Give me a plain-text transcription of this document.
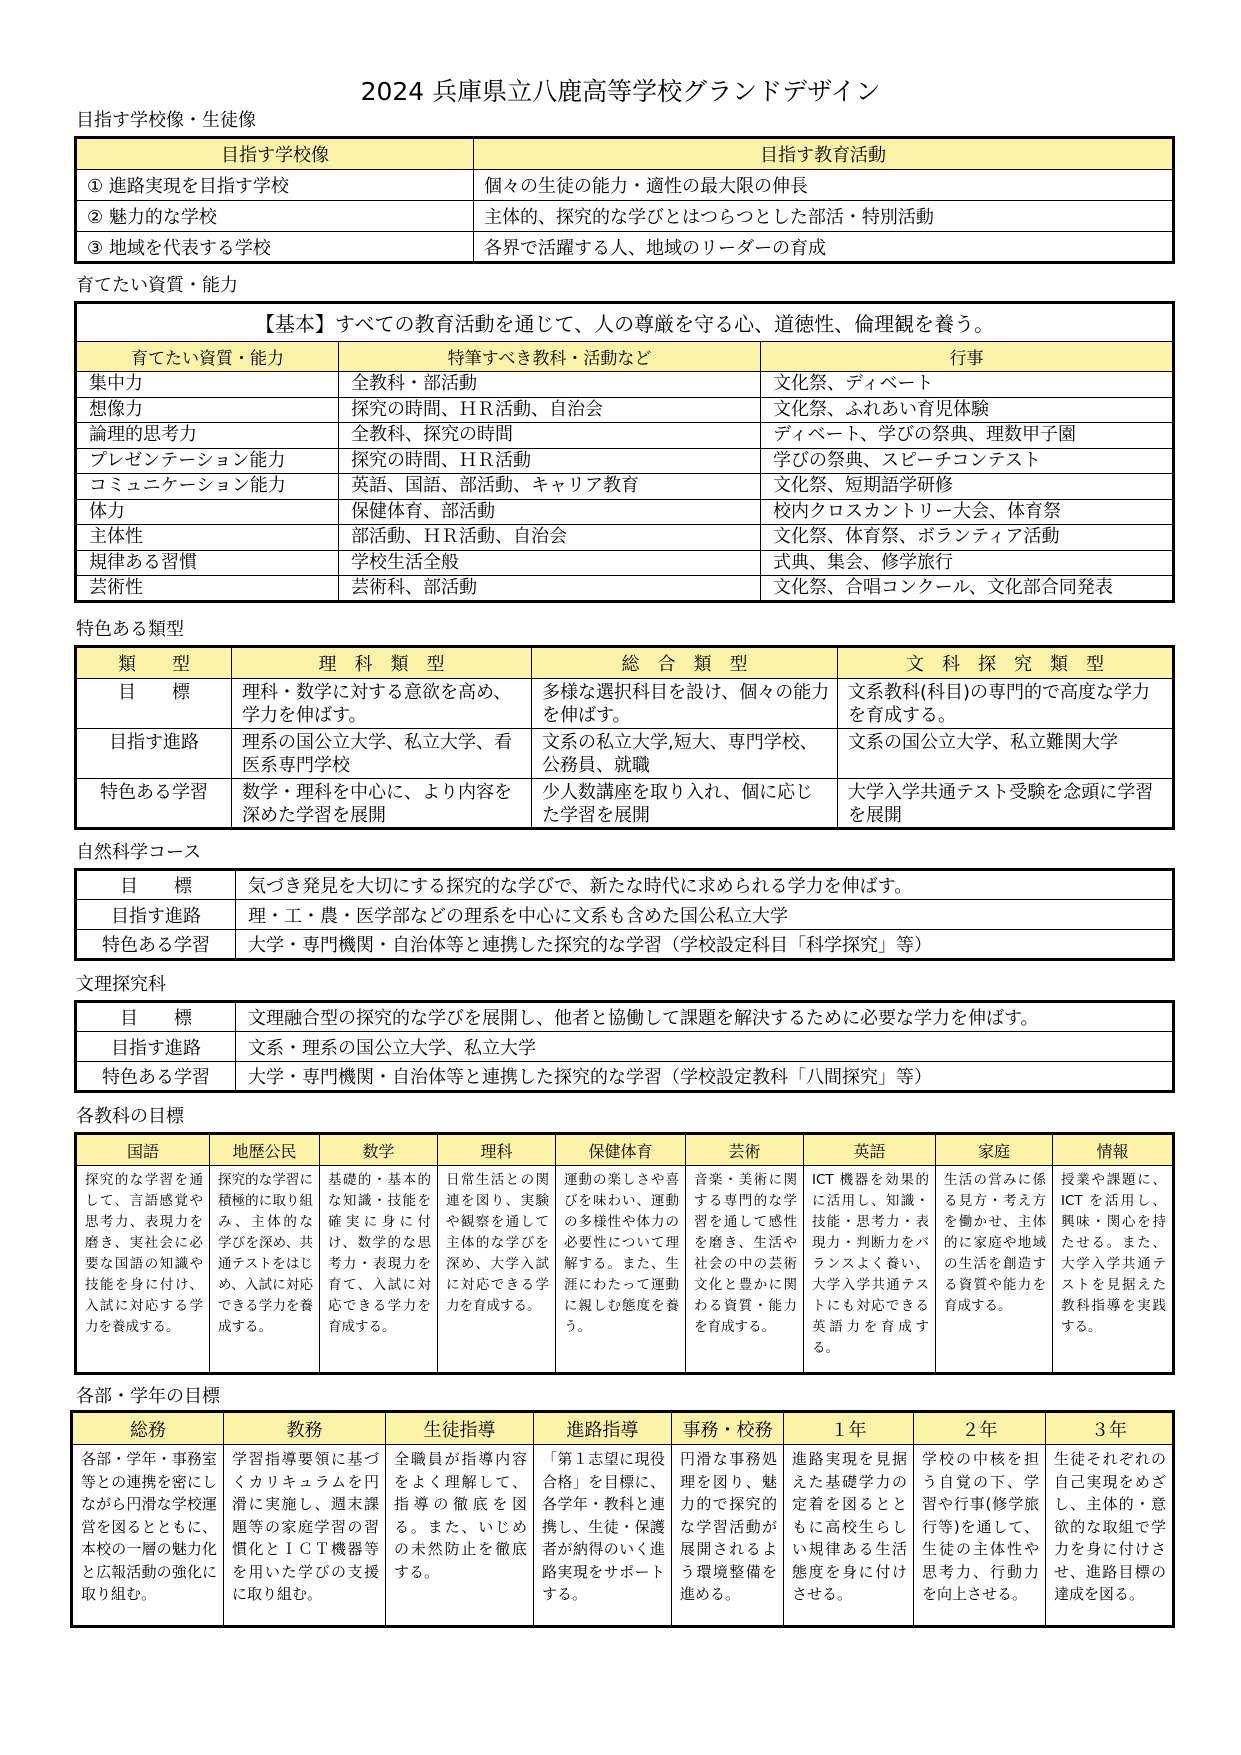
2024 兵庫県立八鹿高等学校グランドデザイン
目指す学校像・生徒像
目指す学校像	目指す教育活動
① 進路実現を目指す学校	個々の生徒の能力・適性の最大限の伸長
② 魅力的な学校	主体的、探究的な学びとはつらつとした部活・特別活動
③ 地域を代表する学校	各界で活躍する人、地域のリーダーの育成
育てたい資質・能力
【基本】すべての教育活動を通じて、人の尊厳を守る心、道徳性、倫理観を養う。		
育てたい資質・能力	特筆すべき教科・活動など	行事
集中力	全教科・部活動	文化祭、ディベート
想像力	探究の時間、ＨＲ活動、自治会	文化祭、ふれあい育児体験
論理的思考力	全教科、探究の時間	ディベート、学びの祭典、理数甲子園
プレゼンテーション能力	探究の時間、ＨＲ活動	学びの祭典、スピーチコンテスト
コミュニケーション能力	英語、国語、部活動、キャリア教育	文化祭、短期語学研修
体力	保健体育、部活動	校内クロスカントリー大会、体育祭
主体性	部活動、ＨＲ活動、自治会	文化祭、体育祭、ボランティア活動
規律ある習慣	学校生活全般	式典、集会、修学旅行
芸術性	芸術科、部活動	文化祭、合唱コンクール、文化部合同発表
特色ある類型
類　　型	理　科　類　型	総　合　類　型	文　科　探　究　類　型
目　　標	理科・数学に対する意欲を高め、学力を伸ばす。	多様な選択科目を設け、個々の能力を伸ばす。	文系教科(科目)の専門的で高度な学力を育成する。
目指す進路	理系の国公立大学、私立大学、看医系専門学校	文系の私立大学,短大、専門学校、公務員、就職	文系の国公立大学、私立難関大学
特色ある学習	数学・理科を中心に、より内容を深めた学習を展開	少人数講座を取り入れ、個に応じた学習を展開	大学入学共通テスト受験を念頭に学習を展開
自然科学コース
目　　標	気づき発見を大切にする探究的な学びで、新たな時代に求められる学力を伸ばす。
目指す進路	理・工・農・医学部などの理系を中心に文系も含めた国公私立大学
特色ある学習	大学・専門機関・自治体等と連携した探究的な学習（学校設定科目「科学探究」等）
文理探究科
目　　標	文理融合型の探究的な学びを展開し、他者と協働して課題を解決するために必要な学力を伸ばす。
目指す進路	文系・理系の国公立大学、私立大学
特色ある学習	大学・専門機関・自治体等と連携した探究的な学習（学校設定教科「八間探究」等）
各教科の目標
国語	地歴公民	数学	理科	保健体育	芸術	英語	家庭	情報
探究的な学習を通して、言語感覚や思考力、表現力を磨き、実社会に必要な国語の知識や技能を身に付け、入試に対応する学力を養成する。	探究的な学習に積極的に取り組み、主体的な学びを深め、共通テストをはじめ、入試に対応できる学力を養成する。	基礎的・基本的な知識・技能を確実に身に付け、数学的な思考力・表現力を育て、入試に対応できる学力を育成する。	日常生活との関連を図り、実験や観察を通して主体的な学びを深め、大学入試に対応できる学力を育成する。	運動の楽しさや喜びを味わい、運動の多様性や体力の必要性について理解する。また、生涯にわたって運動に親しむ態度を養う。	音楽・美術に関する専門的な学習を通して感性を磨き、生活や社会の中の芸術文化と豊かに関わる資質・能力を育成する。	ICT 機器を効果的に活用し、知識・技能・思考力・表現力・判断力をバランスよく養い、大学入学共通テストにも対応できる英語力を育成する。	生活の営みに係る見方・考え方を働かせ、主体的に家庭や地域の生活を創造する資質や能力を育成する。	授業や課題に、ICT を活用し、興味・関心を持たせる。また、大学入学共通テストを見据えた教科指導を実践する。
各部・学年の目標
総務	教務	生徒指導	進路指導	事務・校務	１年	２年	３年
各部・学年・事務室等との連携を密にしながら円滑な学校運営を図るとともに、本校の一層の魅力化と広報活動の強化に取り組む。	学習指導要領に基づくカリキュラムを円滑に実施し、週末課題等の家庭学習の習慣化とＩＣＴ機器等を用いた学びの支援に取り組む。	全職員が指導内容をよく理解して、指導の徹底を図る。また、いじめの未然防止を徹底する。	「第１志望に現役合格」を目標に、各学年・教科と連携し、生徒・保護者が納得のいく進路実現をサポートする。	円滑な事務処理を図り、魅力的で探究的な学習活動が展開されるよう環境整備を進める。	進路実現を見据えた基礎学力の定着を図るとともに高校生らしい規律ある生活態度を身に付けさせる。	学校の中核を担う自覚の下、学習や行事(修学旅行等)を通して、生徒の主体性や思考力、行動力を向上させる。	生徒それぞれの自己実現をめざし、主体的・意欲的な取組で学力を身に付けさせ、進路目標の達成を図る。
